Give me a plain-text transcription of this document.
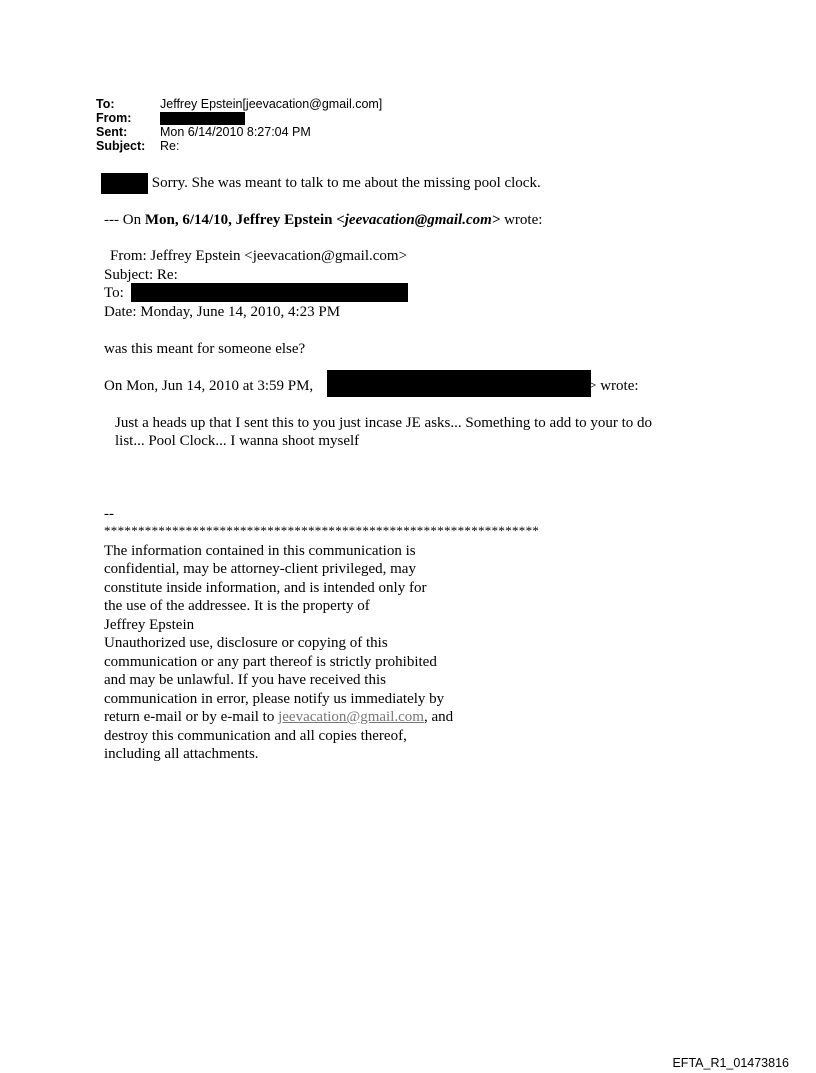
To:	Jeffrey Epstein[jeevacation@gmail.com]
From:
Sent:	Mon 6/14/2010 8:27:04 PM
Subject:	Re:
Sorry. She was meant to talk to me about the missing pool clock.
--- On Mon, 6/14/10, Jeffrey Epstein <jeevacation@gmail.com> wrote:
From: Jeffrey Epstein <jeevacation@gmail.com>
Subject: Re:
To:
Date: Monday, June 14, 2010, 4:23 PM
was this meant for someone else?
On Mon, Jun 14, 2010 at 3:59 PM,	> wrote:
Just a heads up that I sent this to you just incase JE asks... Something to add to your to do
list... Pool Clock... I wanna shoot myself
--
****************************************************************
The information contained in this communication is
confidential, may be attorney-client privileged, may
constitute inside information, and is intended only for
the use of the addressee. It is the property of
Jeffrey Epstein
Unauthorized use, disclosure or copying of this
communication or any part thereof is strictly prohibited
and may be unlawful. If you have received this
communication in error, please notify us immediately by
return e-mail or by e-mail to jeevacation@gmail.com, and
destroy this communication and all copies thereof,
including all attachments.
EFTA_R1_01473816
